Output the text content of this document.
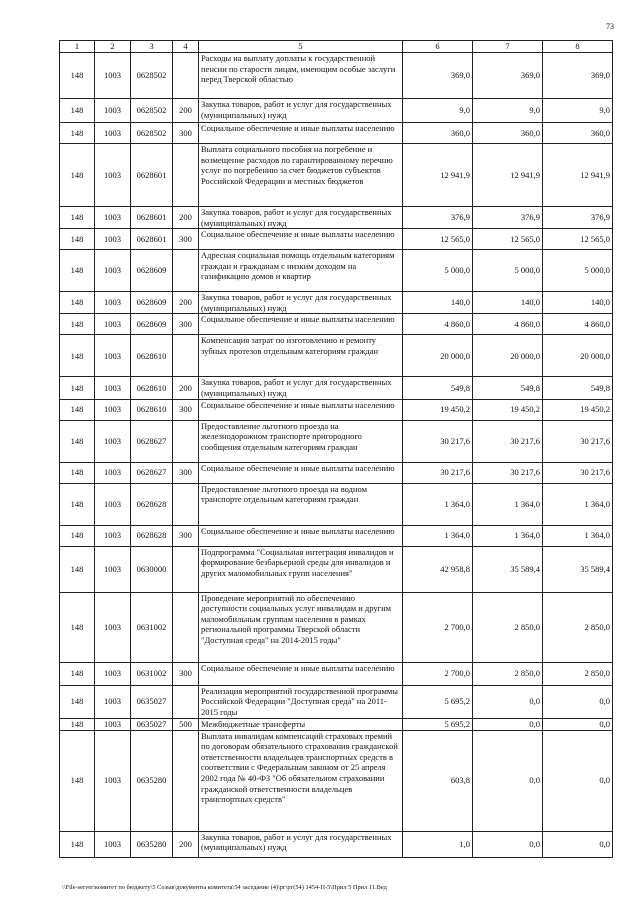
73
1	2	3	4	5	6	7	8
148	1003	0628502		Расходы на выплату доплаты к государственной пенсии по старости лицам, имеющим особые заслуги перед Тверской областью	369,0	369,0	369,0
148	1003	0628502	200	Закупка товаров, работ и услуг для государственных (муниципальных) нужд	9,0	9,0	9,0
148	1003	0628502	300	Социальное обеспечение и иные выплаты населению	360,0	360,0	360,0
148	1003	0628601		Выплата социального пособия на погребение и возмещение расходов по гарантированному перечню услуг по погребению за счет бюджетов субъектов Российской Федерации и местных бюджетов	12 941,9	12 941,9	12 941,9
148	1003	0628601	200	Закупка товаров, работ и услуг для государственных (муниципальных) нужд	376,9	376,9	376,9
148	1003	0628601	300	Социальное обеспечение и иные выплаты населению	12 565,0	12 565,0	12 565,0
148	1003	0628609		Адресная социальная помощь отдельным категориям граждан и гражданам с низким доходом на газификацию домов и квартир	5 000,0	5 000,0	5 000,0
148	1003	0628609	200	Закупка товаров, работ и услуг для государственных (муниципальных) нужд	140,0	140,0	140,0
148	1003	0628609	300	Социальное обеспечение и иные выплаты населению	4 860,0	4 860,0	4 860,0
148	1003	0628610		Компенсация затрат по изготовлению и ремонту зубных протезов отдельным категориям граждан	20 000,0	20 000,0	20 000,0
148	1003	0628610	200	Закупка товаров, работ и услуг для государственных (муниципальных) нужд	549,8	549,8	549,8
148	1003	0628610	300	Социальное обеспечение и иные выплаты населению	19 450,2	19 450,2	19 450,2
148	1003	0628627		Предоставление льготного проезда на железнодорожном транспорте пригородного сообщения отдельным категориям граждан	30 217,6	30 217,6	30 217,6
148	1003	0628627	300	Социальное обеспечение и иные выплаты населению	30 217,6	30 217,6	30 217,6
148	1003	0628628		Предоставление льготного проезда на водном транспорте отдельным категориям граждан	1 364,0	1 364,0	1 364,0
148	1003	0628628	300	Социальное обеспечение и иные выплаты населению	1 364,0	1 364,0	1 364,0
148	1003	0630000		Подпрограмма "Социальная интеграция инвалидов и формирование безбарьерной среды для инвалидов и других маломобильных групп населения"	42 958,8	35 589,4	35 589,4
148	1003	0631002		Проведение мероприятий по обеспечению доступности социальных услуг инвалидам и другим маломобильным группам населения в рамках региональной программы Тверской области "Доступная среда" на 2014-2015 годы"	2 700,0	2 850,0	2 850,0
148	1003	0631002	300	Социальное обеспечение и иные выплаты населению	2 700,0	2 850,0	2 850,0
148	1003	0635027		Реализация мероприятий государственной программы Российской Федерации "Доступная среда" на 2011-2015 годы	5 695,2	0,0	0,0
148	1003	0635027	500	Межбюджетные трансферты	5 695,2	0,0	0,0
148	1003	0635280		Выплата инвалидам компенсаций страховых премий по договорам обязательного страхования гражданской ответственности владельцев транспортных средств в соответствии с Федеральным законом от 25 апреля 2002 года № 40-ФЗ "Об обязательном страховании гражданской ответственности владельцев транспортных средств"	603,8	0,0	0,0
148	1003	0635280	200	Закупка товаров, работ и услуг для государственных (муниципальных) нужд	1,0	0,0	0,0
\\File-server\комитет по бюджету\5 Созыв\документы комитета\54 заседание (4)\рг\рг(54) 1454-П-5\Прил 5 Прил 11.Вед
